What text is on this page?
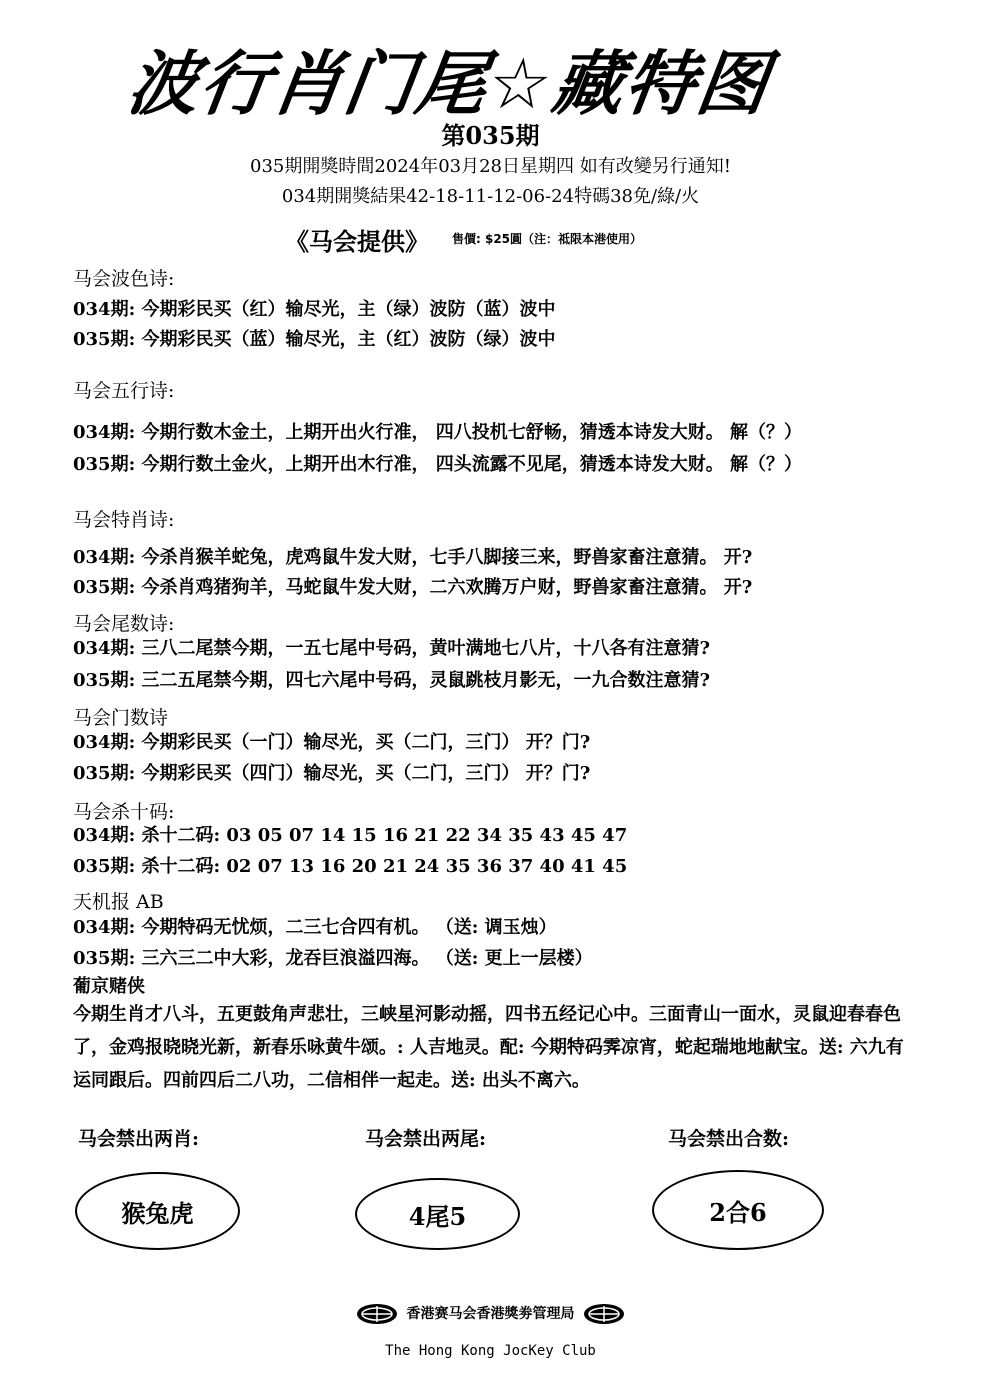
波行肖门尾☆藏特图
第035期
035期開獎時間2024年03月28日星期四 如有改變另行通知!
034期開獎結果42-18-11-12-06-24特碼38免/綠/火
《马会提供》 售價: $25圓（注：祗限本港使用）
马会波色诗:
034期: 今期彩民买（红）输尽光，主（绿）波防（蓝）波中
035期: 今期彩民买（蓝）输尽光，主（红）波防（绿）波中
马会五行诗:
034期: 今期行数木金土，上期开出火行准， 四八投机七舒畅，猜透本诗发大财。 解（？）
035期: 今期行数土金火，上期开出木行准， 四头流露不见尾，猜透本诗发大财。 解（？）
马会特肖诗:
034期: 今杀肖猴羊蛇兔，虎鸡鼠牛发大财，七手八脚接三来，野兽家畜注意猜。 开?
035期: 今杀肖鸡猪狗羊，马蛇鼠牛发大财，二六欢腾万户财，野兽家畜注意猜。 开?
马会尾数诗:
034期: 三八二尾禁今期，一五七尾中号码，黄叶满地七八片，十八各有注意猜?
035期: 三二五尾禁今期，四七六尾中号码，灵鼠跳枝月影无，一九合数注意猜?
马会门数诗
034期: 今期彩民买（一门）输尽光，买（二门，三门） 开？门?
035期: 今期彩民买（四门）输尽光，买（二门，三门） 开？门?
马会杀十码:
034期: 杀十二码: 03 05 07 14 15 16 21 22 34 35 43 45 47
035期: 杀十二码: 02 07 13 16 20 21 24 35 36 37 40 41 45
天机报 AB
034期: 今期特码无忧烦，二三七合四有机。 （送: 调玉烛）
035期: 三六三二中大彩，龙吞巨浪溢四海。 （送: 更上一层楼）
葡京赌侠
今期生肖才八斗，五更鼓角声悲壮，三峡星河影动摇，四书五经记心中。三面青山一面水，灵鼠迎春春色了，金鸡报晓晓光新，新春乐咏黄牛颂。: 人吉地灵。配: 今期特码霁凉宵，蛇起瑞地地献宝。送: 六九有运同跟后。四前四后二八功，二信相伴一起走。送: 出头不离六。
马会禁出两肖:	马会禁出两尾:	马会禁出合数:
猴兔虎	4尾5	2合6
香港赛马会香港獎劵管理局
The Hong Kong JocKey Club
